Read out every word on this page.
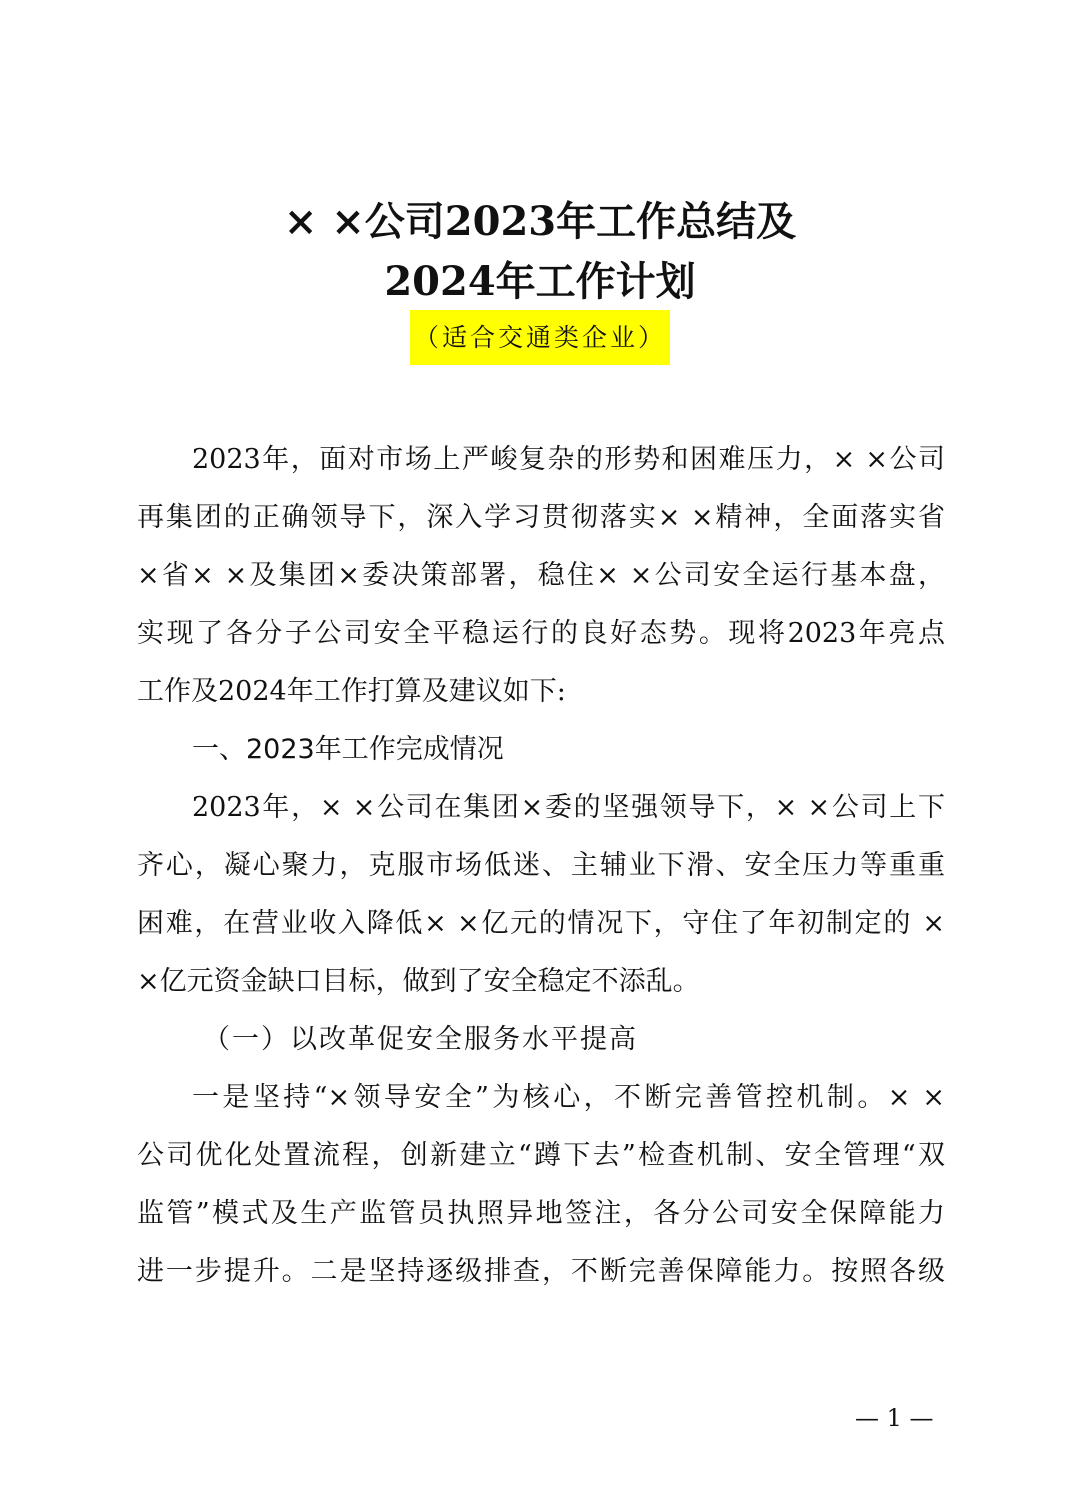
× ×公司2023年工作总结及
2024年工作计划
（适合交通类企业）
2023年，面对市场上严峻复杂的形势和困难压力，× ×公司
再集团的正确领导下，深入学习贯彻落实× ×精神，全面落实省
×省× ×及集团×委决策部署，稳住× ×公司安全运行基本盘，
实现了各分子公司安全平稳运行的良好态势。现将2023年亮点
工作及2024年工作打算及建议如下:
一、2023年工作完成情况
2023年，× ×公司在集团×委的坚强领导下，× ×公司上下
齐心，凝心聚力，克服市场低迷、主辅业下滑、安全压力等重重
困难，在营业收入降低× ×亿元的情况下，守住了年初制定的 ×
×亿元资金缺口目标，做到了安全稳定不添乱。
（一）以改革促安全服务水平提高
一是坚持“×领导安全”为核心，不断完善管控机制。× ×
公司优化处置流程，创新建立“蹲下去”检查机制、安全管理“双
监管”模式及生产监管员执照异地签注，各分公司安全保障能力
进一步提升。二是坚持逐级排查，不断完善保障能力。按照各级
— 1 —
